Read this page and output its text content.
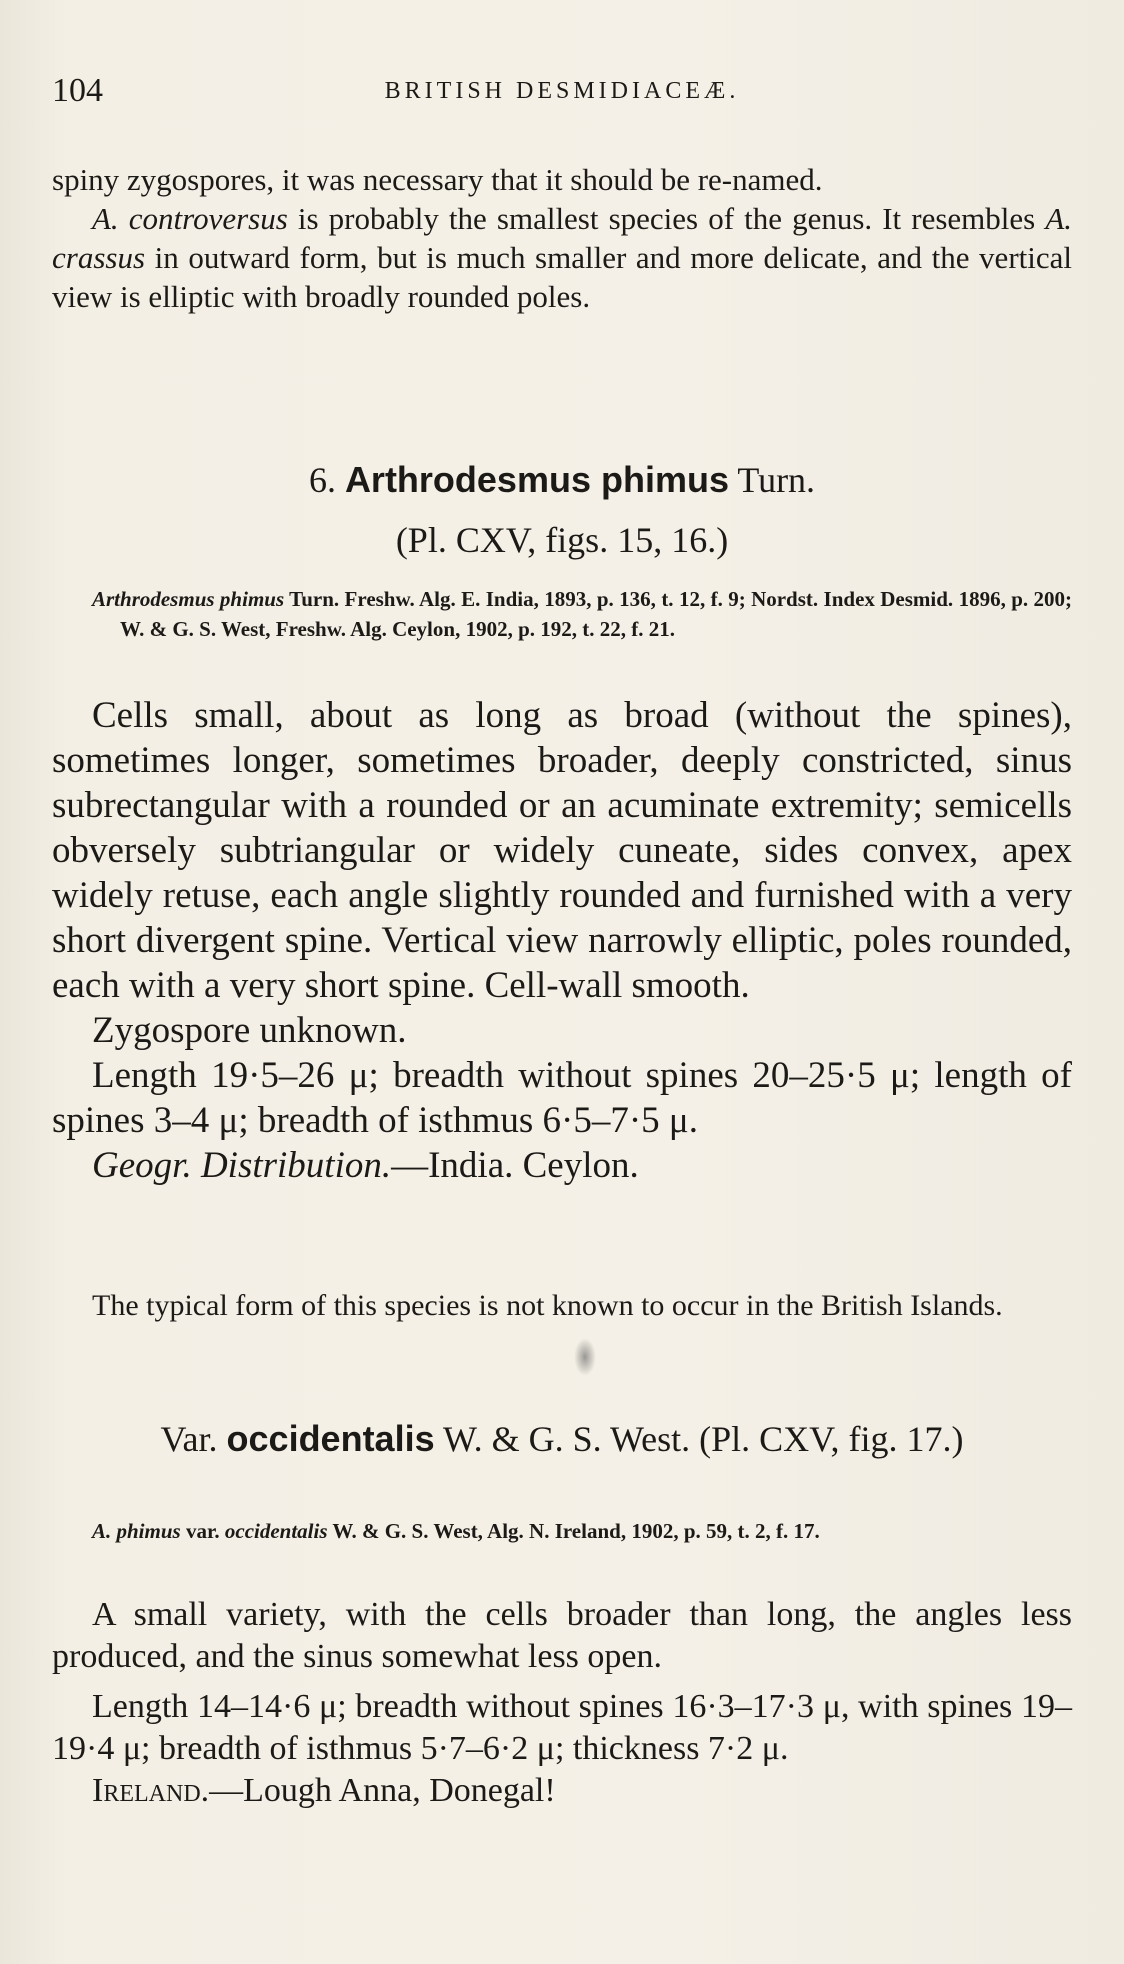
104	BRITISH DESMIDIACEÆ.

spiny zygospores, it was necessary that it should be re-named.

A. controversus is probably the smallest species of the genus. It resembles A. crassus in outward form, but is much smaller and more delicate, and the vertical view is elliptic with broadly rounded poles.

6. Arthrodesmus phimus Turn.

(Pl. CXV, figs. 15, 16.)

Arthrodesmus phimus Turn. Freshw. Alg. E. India, 1893, p. 136, t. 12, f. 9; Nordst. Index Desmid. 1896, p. 200; W. & G. S. West, Freshw. Alg. Ceylon, 1902, p. 192, t. 22, f. 21.

Cells small, about as long as broad (without the spines), sometimes longer, sometimes broader, deeply constricted, sinus subrectangular with a rounded or an acuminate extremity; semicells obversely subtriangular or widely cuneate, sides convex, apex widely retuse, each angle slightly rounded and furnished with a very short divergent spine. Vertical view narrowly elliptic, poles rounded, each with a very short spine. Cell-wall smooth.

Zygospore unknown.

Length 19·5–26 μ; breadth without spines 20–25·5 μ; length of spines 3–4 μ; breadth of isthmus 6·5–7·5 μ.

Geogr. Distribution.—India. Ceylon.

The typical form of this species is not known to occur in the British Islands.

Var. occidentalis W. & G. S. West. (Pl. CXV, fig. 17.)

A. phimus var. occidentalis W. & G. S. West, Alg. N. Ireland, 1902, p. 59, t. 2, f. 17.

A small variety, with the cells broader than long, the angles less produced, and the sinus somewhat less open.

Length 14–14·6 μ; breadth without spines 16·3–17·3 μ, with spines 19–19·4 μ; breadth of isthmus 5·7–6·2 μ; thickness 7·2 μ.

Ireland.—Lough Anna, Donegal!
